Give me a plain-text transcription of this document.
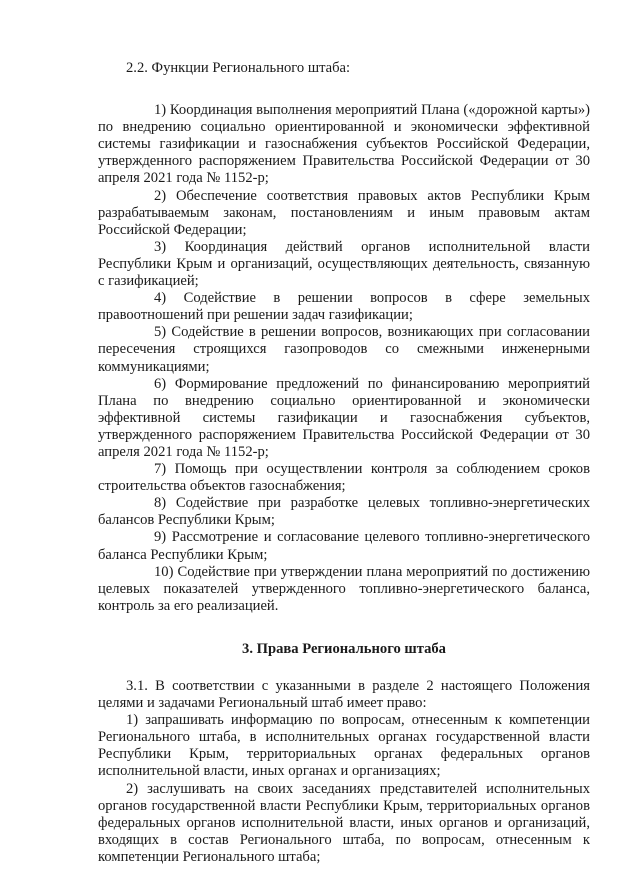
2.2. Функции Регионального штаба:

1) Координация выполнения мероприятий Плана («дорожной карты») по внедрению социально ориентированной и экономически эффективной системы газификации и газоснабжения субъектов Российской Федерации, утвержденного распоряжением Правительства Российской Федерации от 30 апреля 2021 года № 1152-р;

2) Обеспечение соответствия правовых актов Республики Крым разрабатываемым законам, постановлениям и иным правовым актам Российской Федерации;

3) Координация действий органов исполнительной власти Республики Крым и организаций, осуществляющих деятельность, связанную с газификацией;

4) Содействие в решении вопросов в сфере земельных правоотношений при решении задач газификации;

5) Содействие в решении вопросов, возникающих при согласовании пересечения строящихся газопроводов со смежными инженерными коммуникациями;

6) Формирование предложений по финансированию мероприятий Плана по внедрению социально ориентированной и экономически эффективной системы газификации и газоснабжения субъектов, утвержденного распоряжением Правительства Российской Федерации от 30 апреля 2021 года № 1152-р;

7) Помощь при осуществлении контроля за соблюдением сроков строительства объектов газоснабжения;

8) Содействие при разработке целевых топливно-энергетических балансов Республики Крым;

9) Рассмотрение и согласование целевого топливно-энергетического баланса Республики Крым;

10) Содействие при утверждении плана мероприятий по достижению целевых показателей утвержденного топливно-энергетического баланса, контроль за его реализацией.

3. Права Регионального штаба

3.1. В соответствии с указанными в разделе 2 настоящего Положения целями и задачами Региональный штаб имеет право:

1) запрашивать информацию по вопросам, отнесенным к компетенции Регионального штаба, в исполнительных органах государственной власти Республики Крым, территориальных органах федеральных органов исполнительной власти, иных органах и организациях;

2) заслушивать на своих заседаниях представителей исполнительных органов государственной власти Республики Крым, территориальных органов федеральных органов исполнительной власти, иных органов и организаций, входящих в состав Регионального штаба, по вопросам, отнесенным к компетенции Регионального штаба;
